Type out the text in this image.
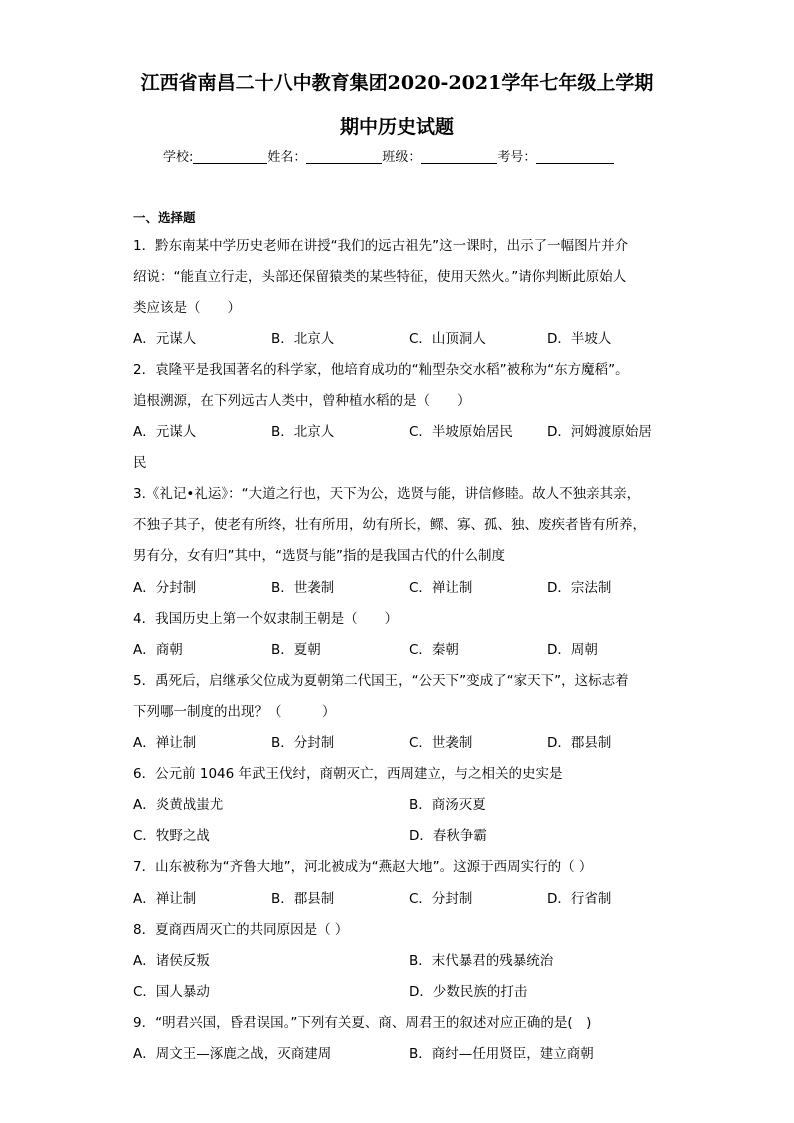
江西省南昌二十八中教育集团2020-2021学年七年级上学期
期中历史试题
学校:	姓名：	班级：	考号：
一、选择题
1．黔东南某中学历史老师在讲授“我们的远古祖先”这一课时，出示了一幅图片并介
绍说：“能直立行走，头部还保留猿类的某些特征，使用天然火。”请你判断此原始人
类应该是（　　）
A．元谋人	B．北京人	C．山顶洞人	D．半坡人
2．袁隆平是我国著名的科学家，他培育成功的“籼型杂交水稻”被称为“东方魔稻”。
追根溯源，在下列远古人类中，曾种植水稻的是（　　）
A．元谋人	B．北京人	C．半坡原始居民	D．河姆渡原始居
民
3.《礼记•礼运》：“大道之行也，天下为公，选贤与能，讲信修睦。故人不独亲其亲，
不独子其子，使老有所终，壮有所用，幼有所长，鳏、寡、孤、独、废疾者皆有所养，
男有分，女有归”其中，“选贤与能”指的是我国古代的什么制度
A．分封制	B．世袭制	C．禅让制	D．宗法制
4．我国历史上第一个奴隶制王朝是（　　）
A．商朝	B．夏朝	C．秦朝	D．周朝
5．禹死后，启继承父位成为夏朝第二代国王，“公天下”变成了“家天下”，这标志着
下列哪一制度的出现？（　　　）
A．禅让制	B．分封制	C．世袭制	D．郡县制
6．公元前 1046 年武王伐纣，商朝灭亡，西周建立，与之相关的史实是
A．炎黄战蚩尤	B．商汤灭夏
C．牧野之战	D．春秋争霸
7．山东被称为“齐鲁大地”，河北被成为“燕赵大地”。这源于西周实行的（ ）
A．禅让制	B．郡县制	C．分封制	D．行省制
8．夏商西周灭亡的共同原因是（ ）
A．诸侯反叛	B．末代暴君的残暴统治
C．国人暴动	D．少数民族的打击
9．“明君兴国，昏君误国。”下列有关夏、商、周君王的叙述对应正确的是(　)
A．周文王—涿鹿之战，灭商建周	B．商纣—任用贤臣，建立商朝
